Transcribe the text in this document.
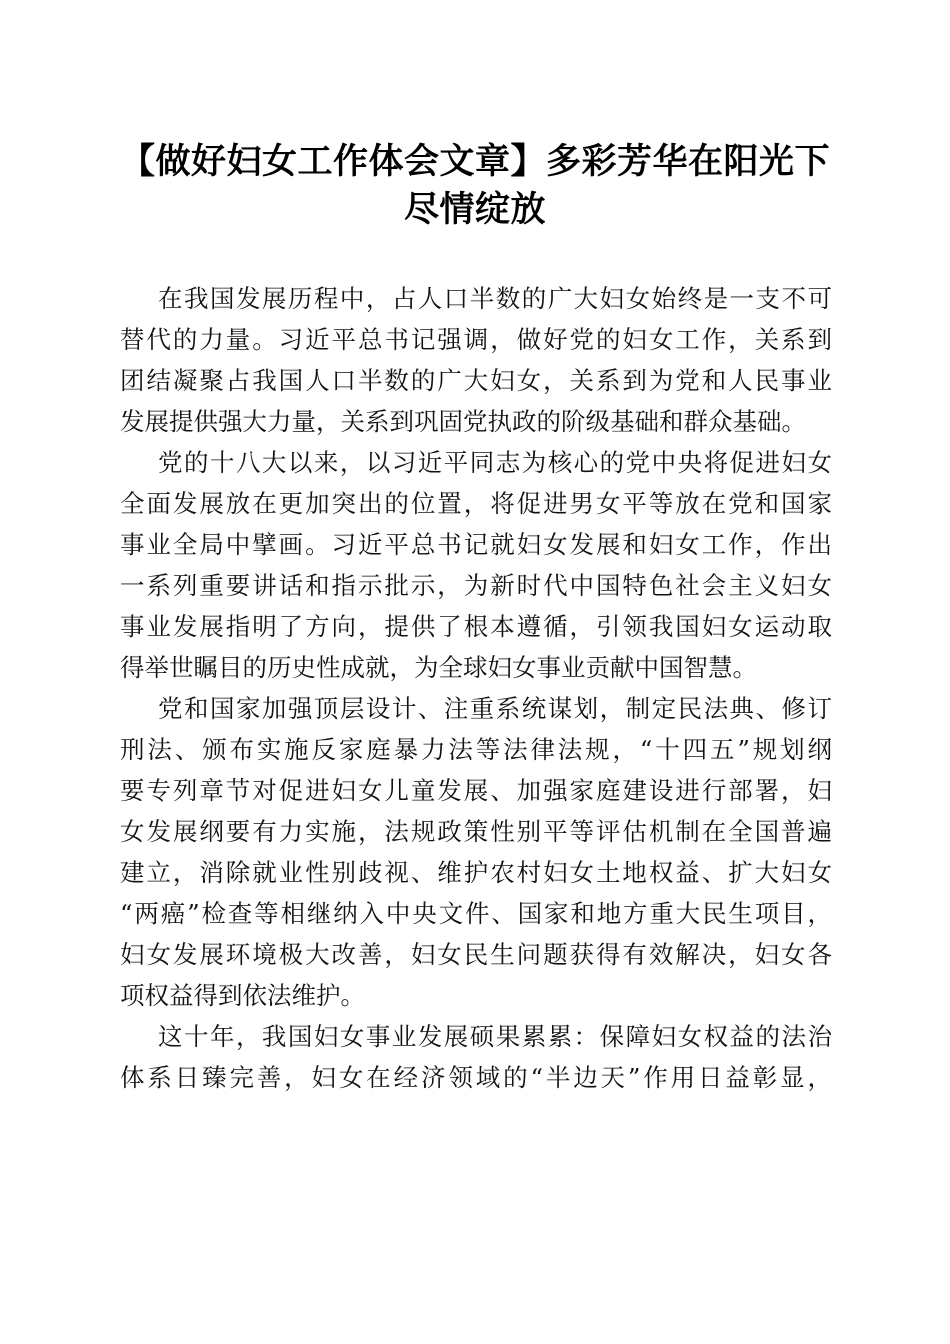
【做好妇女工作体会文章】多彩芳华在阳光下
尽情绽放

在我国发展历程中，占人口半数的广大妇女始终是一支不可
替代的力量。习近平总书记强调，做好党的妇女工作，关系到
团结凝聚占我国人口半数的广大妇女，关系到为党和人民事业
发展提供强大力量，关系到巩固党执政的阶级基础和群众基础。

党的十八大以来，以习近平同志为核心的党中央将促进妇女
全面发展放在更加突出的位置，将促进男女平等放在党和国家
事业全局中擘画。习近平总书记就妇女发展和妇女工作，作出
一系列重要讲话和指示批示，为新时代中国特色社会主义妇女
事业发展指明了方向，提供了根本遵循，引领我国妇女运动取
得举世瞩目的历史性成就，为全球妇女事业贡献中国智慧。

党和国家加强顶层设计、注重系统谋划，制定民法典、修订
刑法、颁布实施反家庭暴力法等法律法规，“十四五”规划纲
要专列章节对促进妇女儿童发展、加强家庭建设进行部署，妇
女发展纲要有力实施，法规政策性别平等评估机制在全国普遍
建立，消除就业性别歧视、维护农村妇女土地权益、扩大妇女
“两癌”检查等相继纳入中央文件、国家和地方重大民生项目，
妇女发展环境极大改善，妇女民生问题获得有效解决，妇女各
项权益得到依法维护。

这十年，我国妇女事业发展硕果累累：保障妇女权益的法治
体系日臻完善，妇女在经济领域的“半边天”作用日益彰显，
